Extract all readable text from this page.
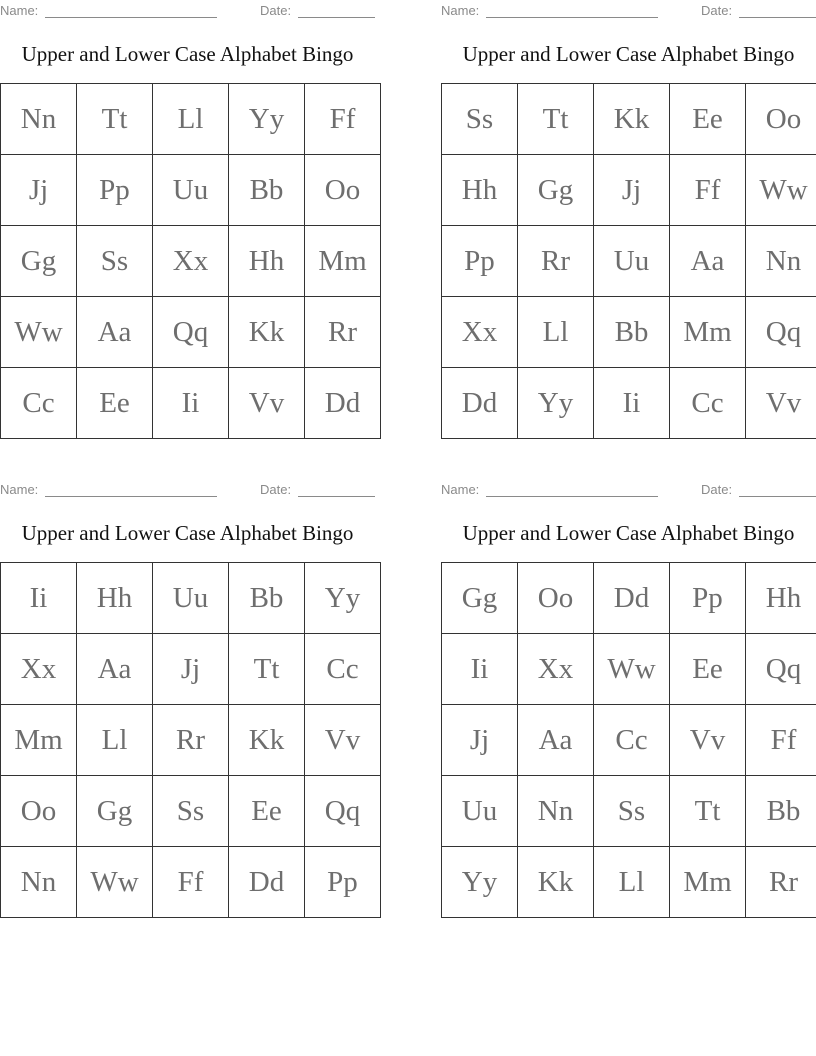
Name:	Date:
Upper and Lower Case Alphabet Bingo
Nn	Tt	Ll	Yy	Ff
Jj	Pp	Uu	Bb	Oo
Gg	Ss	Xx	Hh	Mm
Ww	Aa	Qq	Kk	Rr
Cc	Ee	Ii	Vv	Dd
Name:	Date:
Upper and Lower Case Alphabet Bingo
Ss	Tt	Kk	Ee	Oo
Hh	Gg	Jj	Ff	Ww
Pp	Rr	Uu	Aa	Nn
Xx	Ll	Bb	Mm	Qq
Dd	Yy	Ii	Cc	Vv
Name:	Date:
Upper and Lower Case Alphabet Bingo
Ii	Hh	Uu	Bb	Yy
Xx	Aa	Jj	Tt	Cc
Mm	Ll	Rr	Kk	Vv
Oo	Gg	Ss	Ee	Qq
Nn	Ww	Ff	Dd	Pp
Name:	Date:
Upper and Lower Case Alphabet Bingo
Gg	Oo	Dd	Pp	Hh
Ii	Xx	Ww	Ee	Qq
Jj	Aa	Cc	Vv	Ff
Uu	Nn	Ss	Tt	Bb
Yy	Kk	Ll	Mm	Rr
